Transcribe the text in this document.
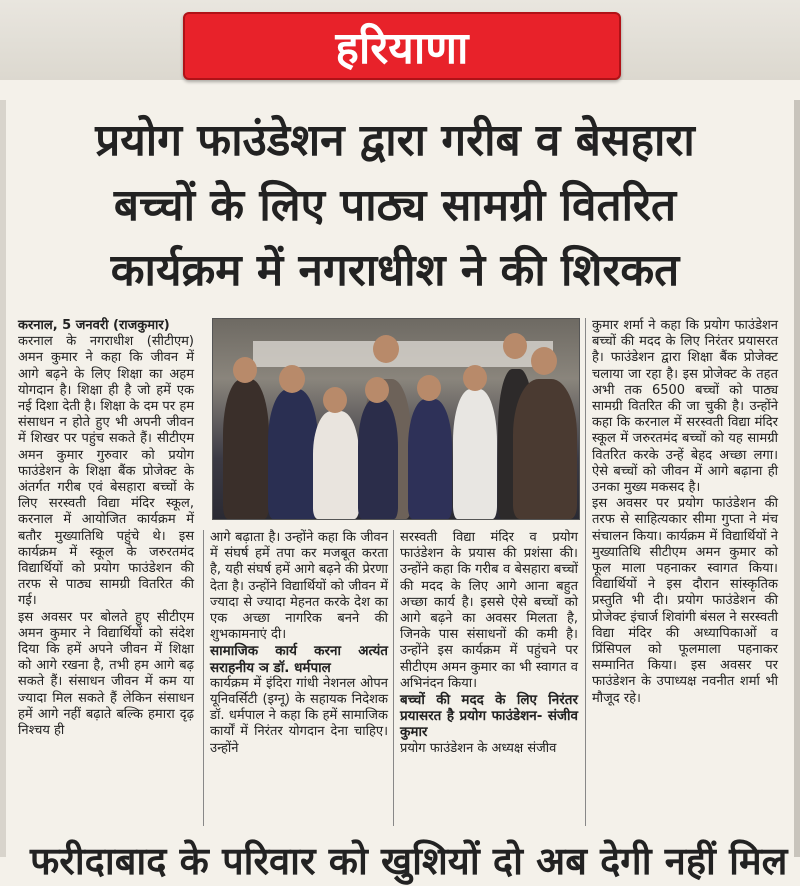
हरियाणा
प्रयोग फाउंडेशन द्वारा गरीब व बेसहारा
बच्चों के लिए पाठ्य सामग्री वितरित
कार्यक्रम में नगराधीश ने की शिरकत

करनाल, 5 जनवरी (राजकुमार)

करनाल के नगराधीश (सीटीएम) अमन कुमार ने कहा कि जीवन में आगे बढ़ने के लिए शिक्षा का अहम योगदान है। शिक्षा ही है जो हमें एक नई दिशा देती है। शिक्षा के दम पर हम संसाधन न होते हुए भी अपनी जीवन में शिखर पर पहुंच सकते हैं। सीटीएम अमन कुमार गुरुवार को प्रयोग फाउंडेशन के शिक्षा बैंक प्रोजेक्ट के अंतर्गत गरीब एवं बेसहारा बच्चों के लिए सरस्वती विद्या मंदिर स्कूल, करनाल में आयोजित कार्यक्रम में बतौर मुख्यातिथि पहुंचे थे। इस कार्यक्रम में स्कूल के जरुरतमंद विद्यार्थियों को प्रयोग फाउंडेशन की तरफ से पाठ्य सामग्री वितरित की गई।

इस अवसर पर बोलते हुए सीटीएम अमन कुमार ने विद्यार्थियों को संदेश दिया कि हमें अपने जीवन में शिक्षा को आगे रखना है, तभी हम आगे बढ़ सकते हैं। संसाधन जीवन में कम या ज्यादा मिल सकते हैं लेकिन संसाधन हमें आगे नहीं बढ़ाते बल्कि हमारा दृढ़ निश्चय ही

आगे बढ़ाता है। उन्होंने कहा कि जीवन में संघर्ष हमें तपा कर मजबूत करता है, यही संघर्ष हमें आगे बढ़ने की प्रेरणा देता है। उन्होंने विद्यार्थियों को जीवन में ज्यादा से ज्यादा मेहनत करके देश का एक अच्छा नागरिक बनने की शुभकामनाएं दी।

सामाजिक कार्य करना अत्यंत सराहनीय ञ डॉ. धर्मपाल

कार्यक्रम में इंदिरा गांधी नेशनल ओपन यूनिवर्सिटी (इग्नू) के सहायक निदेशक डॉ. धर्मपाल ने कहा कि हमें सामाजिक कार्यों में निरंतर योगदान देना चाहिए। उन्होंने

सरस्वती विद्या मंदिर व प्रयोग फाउंडेशन के प्रयास की प्रशंसा की। उन्होंने कहा कि गरीब व बेसहारा बच्चों की मदद के लिए आगे आना बहुत अच्छा कार्य है। इससे ऐसे बच्चों को आगे बढ़ने का अवसर मिलता है, जिनके पास संसाधनों की कमी है। उन्होंने इस कार्यक्रम में पहुंचने पर सीटीएम अमन कुमार का भी स्वागत व अभिनंदन किया।

बच्चों की मदद के लिए निरंतर प्रयासरत है प्रयोग फाउंडेशन- संजीव कुमार

प्रयोग फाउंडेशन के अध्यक्ष संजीव

कुमार शर्मा ने कहा कि प्रयोग फाउंडेशन बच्चों की मदद के लिए निरंतर प्रयासरत है। फाउंडेशन द्वारा शिक्षा बैंक प्रोजेक्ट चलाया जा रहा है। इस प्रोजेक्ट के तहत अभी तक 6500 बच्चों को पाठ्य सामग्री वितरित की जा चुकी है। उन्होंने कहा कि करनाल में सरस्वती विद्या मंदिर स्कूल में जरुरतमंद बच्चों को यह सामग्री वितरित करके उन्हें बेहद अच्छा लगा। ऐसे बच्चों को जीवन में आगे बढ़ाना ही उनका मुख्य मकसद है।

इस अवसर पर प्रयोग फाउंडेशन की तरफ से साहित्यकार सीमा गुप्ता ने मंच संचालन किया। कार्यक्रम में विद्यार्थियों ने मुख्यातिथि सीटीएम अमन कुमार को फूल माला पहनाकर स्वागत किया। विद्यार्थियों ने इस दौरान सांस्कृतिक प्रस्तुति भी दी। प्रयोग फाउंडेशन की प्रोजेक्ट इंचार्ज शिवांगी बंसल ने सरस्वती विद्या मंदिर की अध्यापिकाओं व प्रिंसिपल को फूलमाला पहनाकर सम्मानित किया। इस अवसर पर फाउंडेशन के उपाध्यक्ष नवनीत शर्मा भी मौजूद रहे।

फरीदाबाद के परिवार को खुशियों दो अब देगी नहीं मिल
